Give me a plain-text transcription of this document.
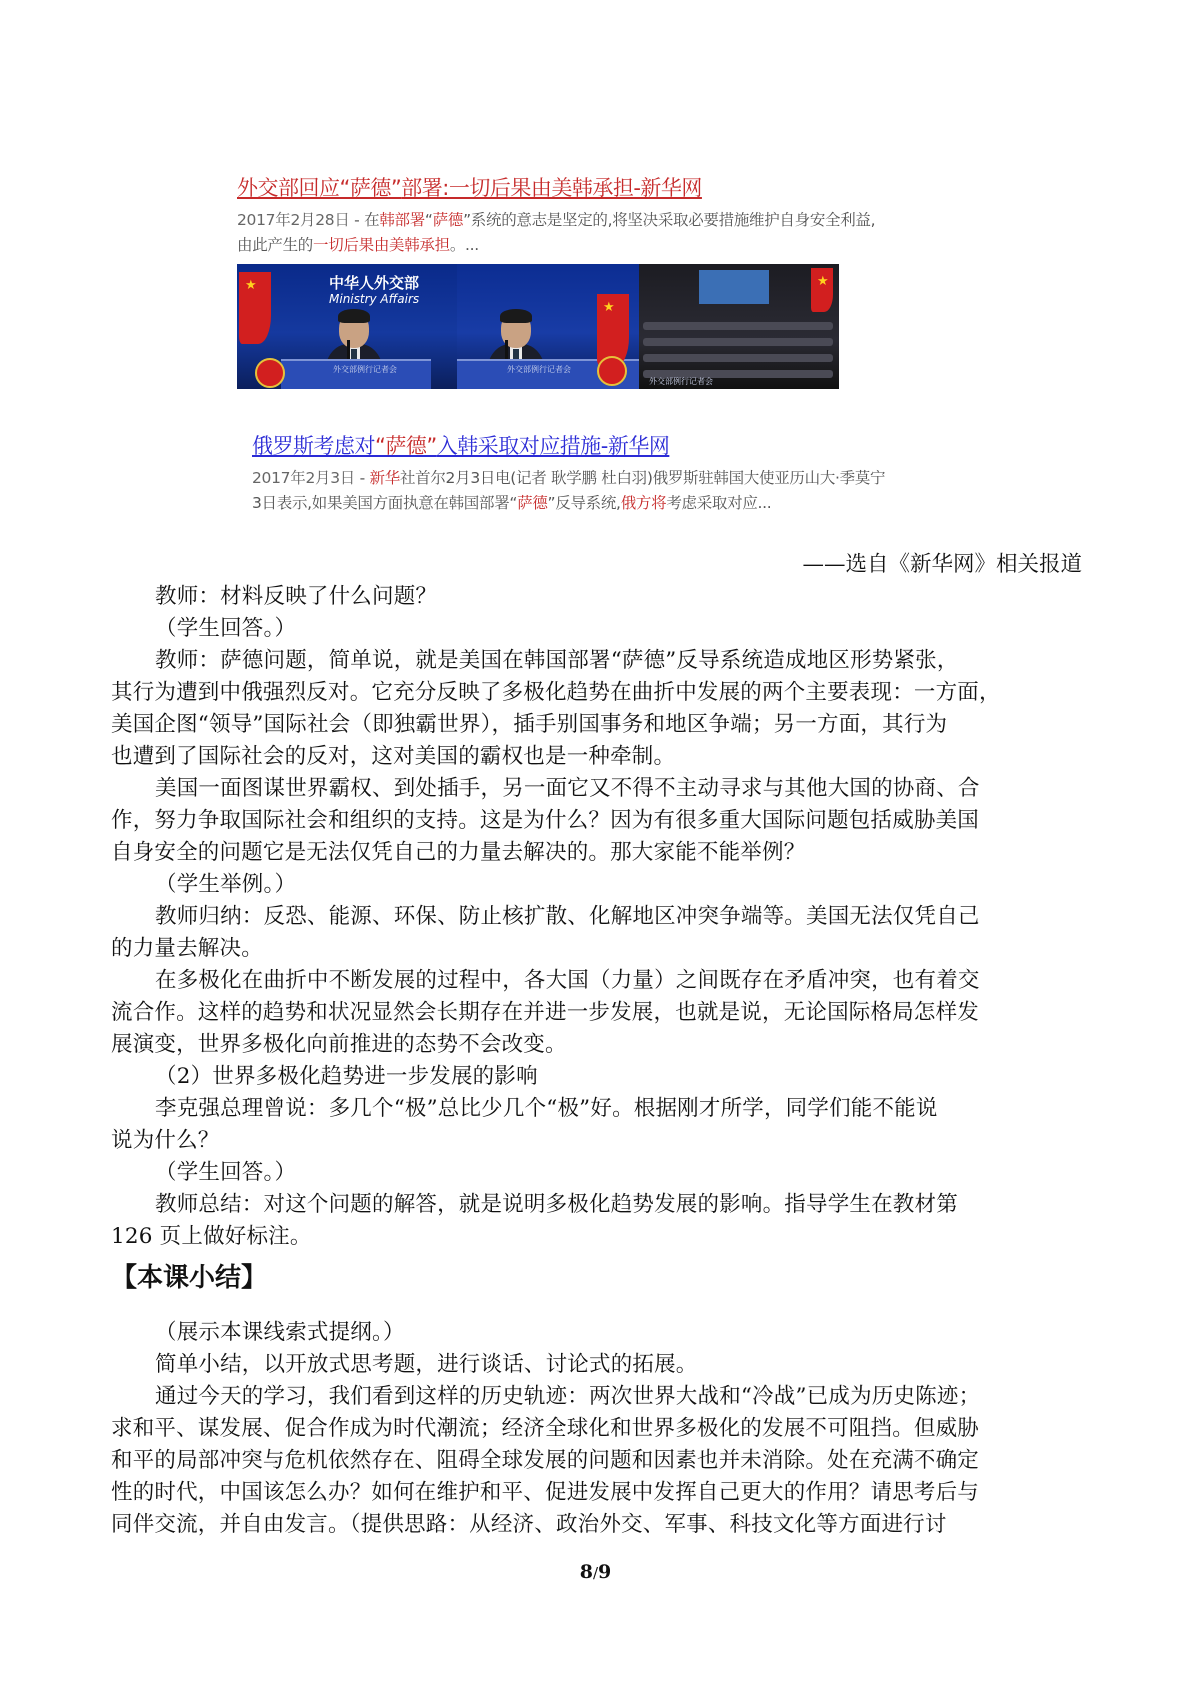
外交部回应“萨德”部署:一切后果由美韩承担-新华网
2017年2月28日 - 在韩部署“萨德”系统的意志是坚定的,将坚决采取必要措施维护自身安全利益,
由此产生的一切后果由美韩承担。...
★
中华人外交部
Ministry Affairs
外交部例行记者会
★	外交部例行记者会
★
外交部例行记者会
俄罗斯考虑对“萨德”入韩采取对应措施-新华网
2017年2月3日 - 新华社首尔2月3日电(记者 耿学鹏 杜白羽)俄罗斯驻韩国大使亚历山大·季莫宁
3日表示,如果美国方面执意在韩国部署“萨德”反导系统,俄方将考虑采取对应...
——选自《新华网》相关报道
教师：材料反映了什么问题？
（学生回答。）
教师：萨德问题，简单说，就是美国在韩国部署“萨德”反导系统造成地区形势紧张，
其行为遭到中俄强烈反对。它充分反映了多极化趋势在曲折中发展的两个主要表现：一方面，
美国企图“领导”国际社会（即独霸世界），插手别国事务和地区争端；另一方面，其行为
也遭到了国际社会的反对，这对美国的霸权也是一种牵制。
美国一面图谋世界霸权、到处插手，另一面它又不得不主动寻求与其他大国的协商、合
作，努力争取国际社会和组织的支持。这是为什么？因为有很多重大国际问题包括威胁美国
自身安全的问题它是无法仅凭自己的力量去解决的。那大家能不能举例？
（学生举例。）
教师归纳：反恐、能源、环保、防止核扩散、化解地区冲突争端等。美国无法仅凭自己
的力量去解决。
在多极化在曲折中不断发展的过程中，各大国（力量）之间既存在矛盾冲突，也有着交
流合作。这样的趋势和状况显然会长期存在并进一步发展，也就是说，无论国际格局怎样发
展演变，世界多极化向前推进的态势不会改变。
（2）世界多极化趋势进一步发展的影响
李克强总理曾说：多几个“极”总比少几个“极”好。根据刚才所学，同学们能不能说
说为什么？
（学生回答。）
教师总结：对这个问题的解答，就是说明多极化趋势发展的影响。指导学生在教材第
126 页上做好标注。
【本课小结】
（展示本课线索式提纲。）
简单小结，以开放式思考题，进行谈话、讨论式的拓展。
通过今天的学习，我们看到这样的历史轨迹：两次世界大战和“冷战”已成为历史陈迹；
求和平、谋发展、促合作成为时代潮流；经济全球化和世界多极化的发展不可阻挡。但威胁
和平的局部冲突与危机依然存在、阻碍全球发展的问题和因素也并未消除。处在充满不确定
性的时代，中国该怎么办？如何在维护和平、促进发展中发挥自己更大的作用？请思考后与
同伴交流，并自由发言。（提供思路：从经济、政治外交、军事、科技文化等方面进行讨
8/9
